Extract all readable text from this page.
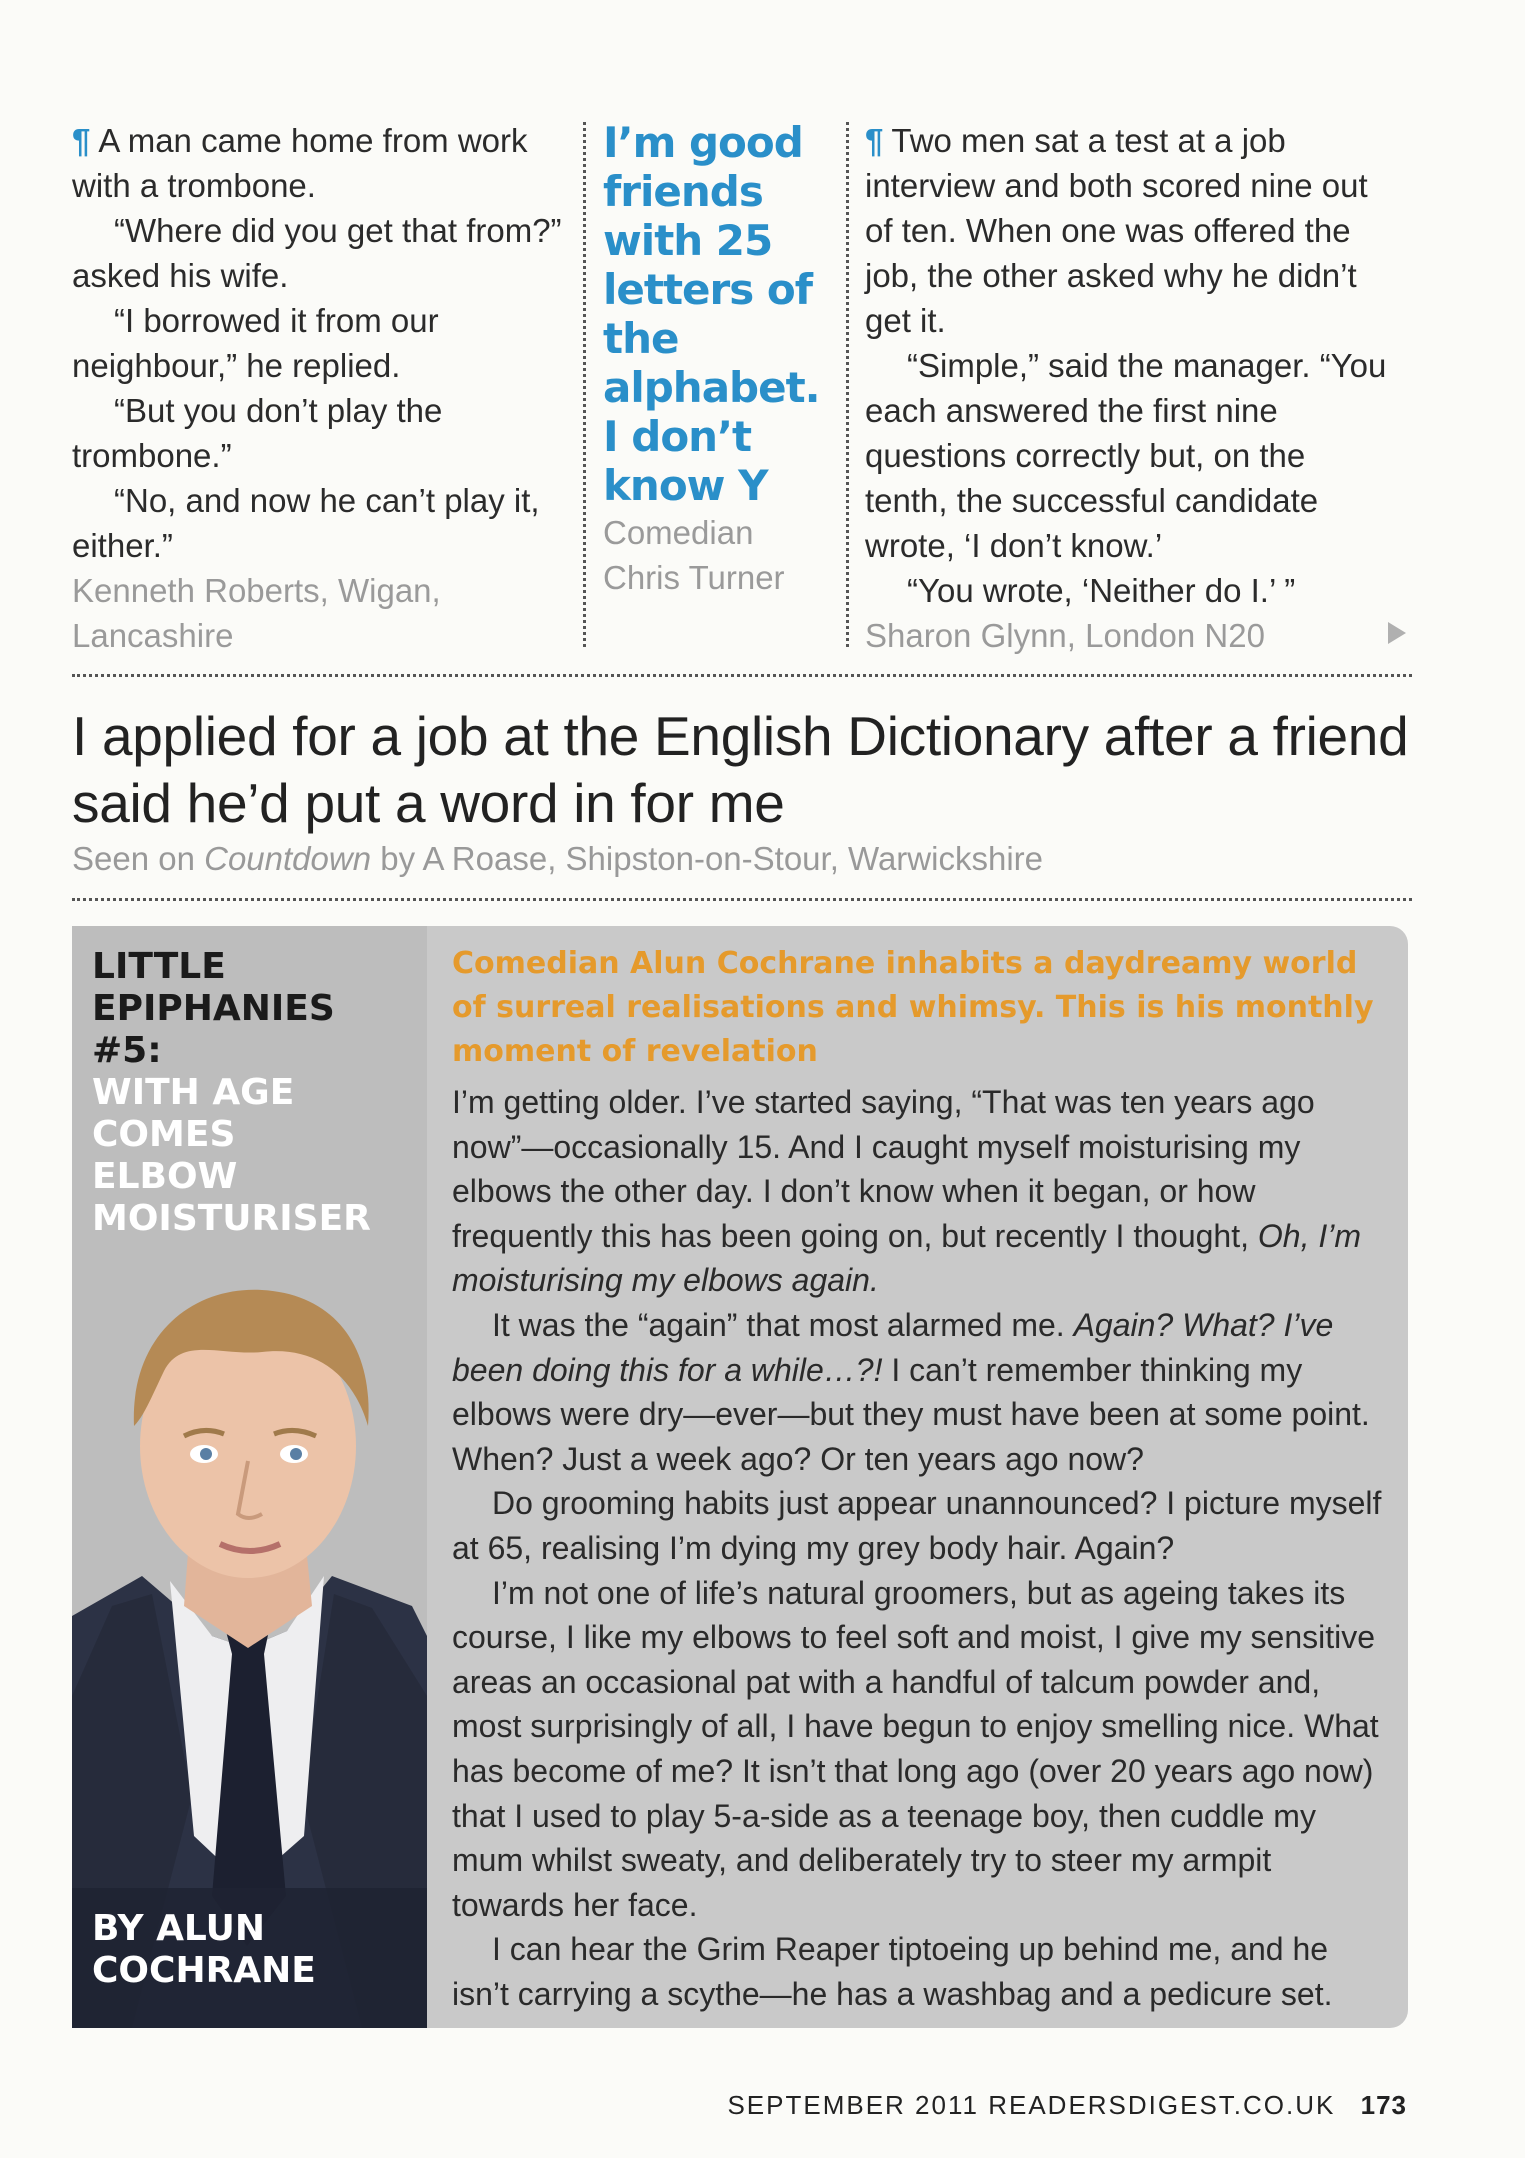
¶ A man came home from work with a trombone.

“Where did you get that from?” asked his wife.

“I borrowed it from our neighbour,” he replied.

“But you don’t play the trombone.”

“No, and now he can’t play it, either.”

Kenneth Roberts, Wigan, Lancashire

I’m good friends with 25 letters of the alphabet. I don’t know Y

Comedian

Chris Turner

¶ Two men sat a test at a job interview and both scored nine out of ten. When one was offered the job, the other asked why he didn’t get it.

“Simple,” said the manager. “You each answered the first nine questions correctly but, on the tenth, the successful candidate wrote, ‘I don’t know.’

“You wrote, ‘Neither do I.’ ”

Sharon Glynn, London N20

I applied for a job at the English Dictionary after a friend said he’d put a word in for me

Seen on Countdown by A Roase, Shipston-on-Stour, Warwickshire

LITTLE EPIPHANIES #5:
WITH AGE COMES ELBOW MOISTURISER
BY ALUN COCHRANE

Comedian Alun Cochrane inhabits a daydreamy world of surreal realisations and whimsy. This is his monthly moment of revelation

I’m getting older. I’ve started saying, “That was ten years ago now”—occasionally 15. And I caught myself moisturising my elbows the other day. I don’t know when it began, or how frequently this has been going on, but recently I thought, Oh, I’m moisturising my elbows again.

It was the “again” that most alarmed me. Again? What? I’ve been doing this for a while…?! I can’t remember thinking my elbows were dry—ever—but they must have been at some point. When? Just a week ago? Or ten years ago now?

Do grooming habits just appear unannounced? I picture myself at 65, realising I’m dying my grey body hair. Again?

I’m not one of life’s natural groomers, but as ageing takes its course, I like my elbows to feel soft and moist, I give my sensitive areas an occasional pat with a handful of talcum powder and, most surprisingly of all, I have begun to enjoy smelling nice. What has become of me? It isn’t that long ago (over 20 years ago now) that I used to play 5-a-side as a teenage boy, then cuddle my mum whilst sweaty, and deliberately try to steer my armpit towards her face.

I can hear the Grim Reaper tiptoeing up behind me, and he isn’t carrying a scythe—he has a washbag and a pedicure set.

SEPTEMBER 2011 READERSDIGEST.CO.UK 173
